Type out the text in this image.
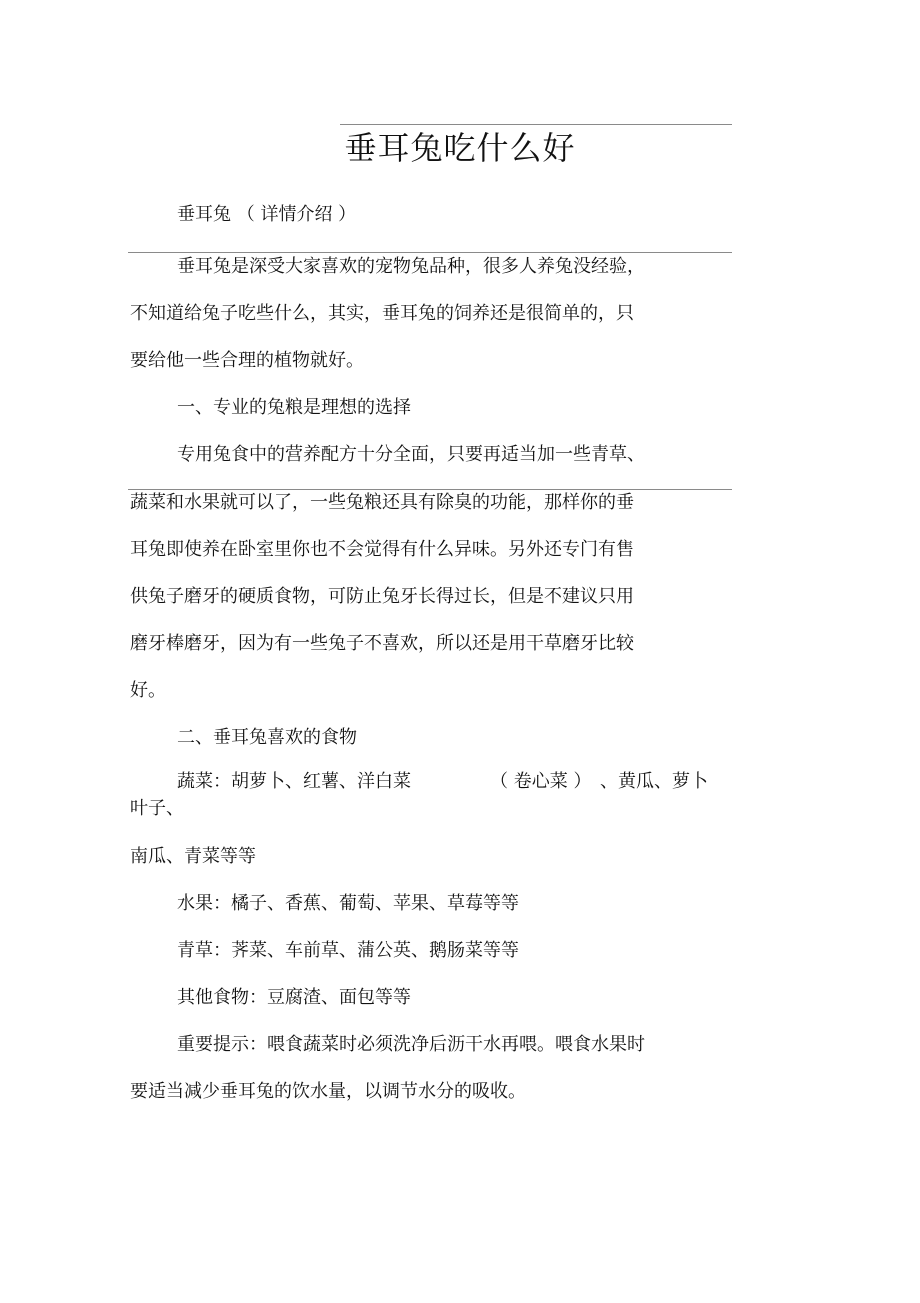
垂耳兔吃什么好
垂耳兔 （ 详情介绍 ）
垂耳兔是深受大家喜欢的宠物兔品种，很多人养兔没经验，
不知道给兔子吃些什么，其实，垂耳兔的饲养还是很简单的，只
要给他一些合理的植物就好。
一、专业的兔粮是理想的选择
专用兔食中的营养配方十分全面，只要再适当加一些青草、
蔬菜和水果就可以了，一些兔粮还具有除臭的功能，那样你的垂
耳兔即使养在卧室里你也不会觉得有什么异味。另外还专门有售
供兔子磨牙的硬质食物，可防止兔牙长得过长，但是不建议只用
磨牙棒磨牙，因为有一些兔子不喜欢，所以还是用干草磨牙比较
好。
二、垂耳兔喜欢的食物
蔬菜：胡萝卜、红薯、洋白菜	（ 卷心菜 ） 、黄瓜、萝卜
叶子、
南瓜、青菜等等
水果：橘子、香蕉、葡萄、苹果、草莓等等
青草：荠菜、车前草、蒲公英、鹅肠菜等等
其他食物：豆腐渣、面包等等
重要提示：喂食蔬菜时必须洗净后沥干水再喂。喂食水果时
要适当减少垂耳兔的饮水量，以调节水分的吸收。
